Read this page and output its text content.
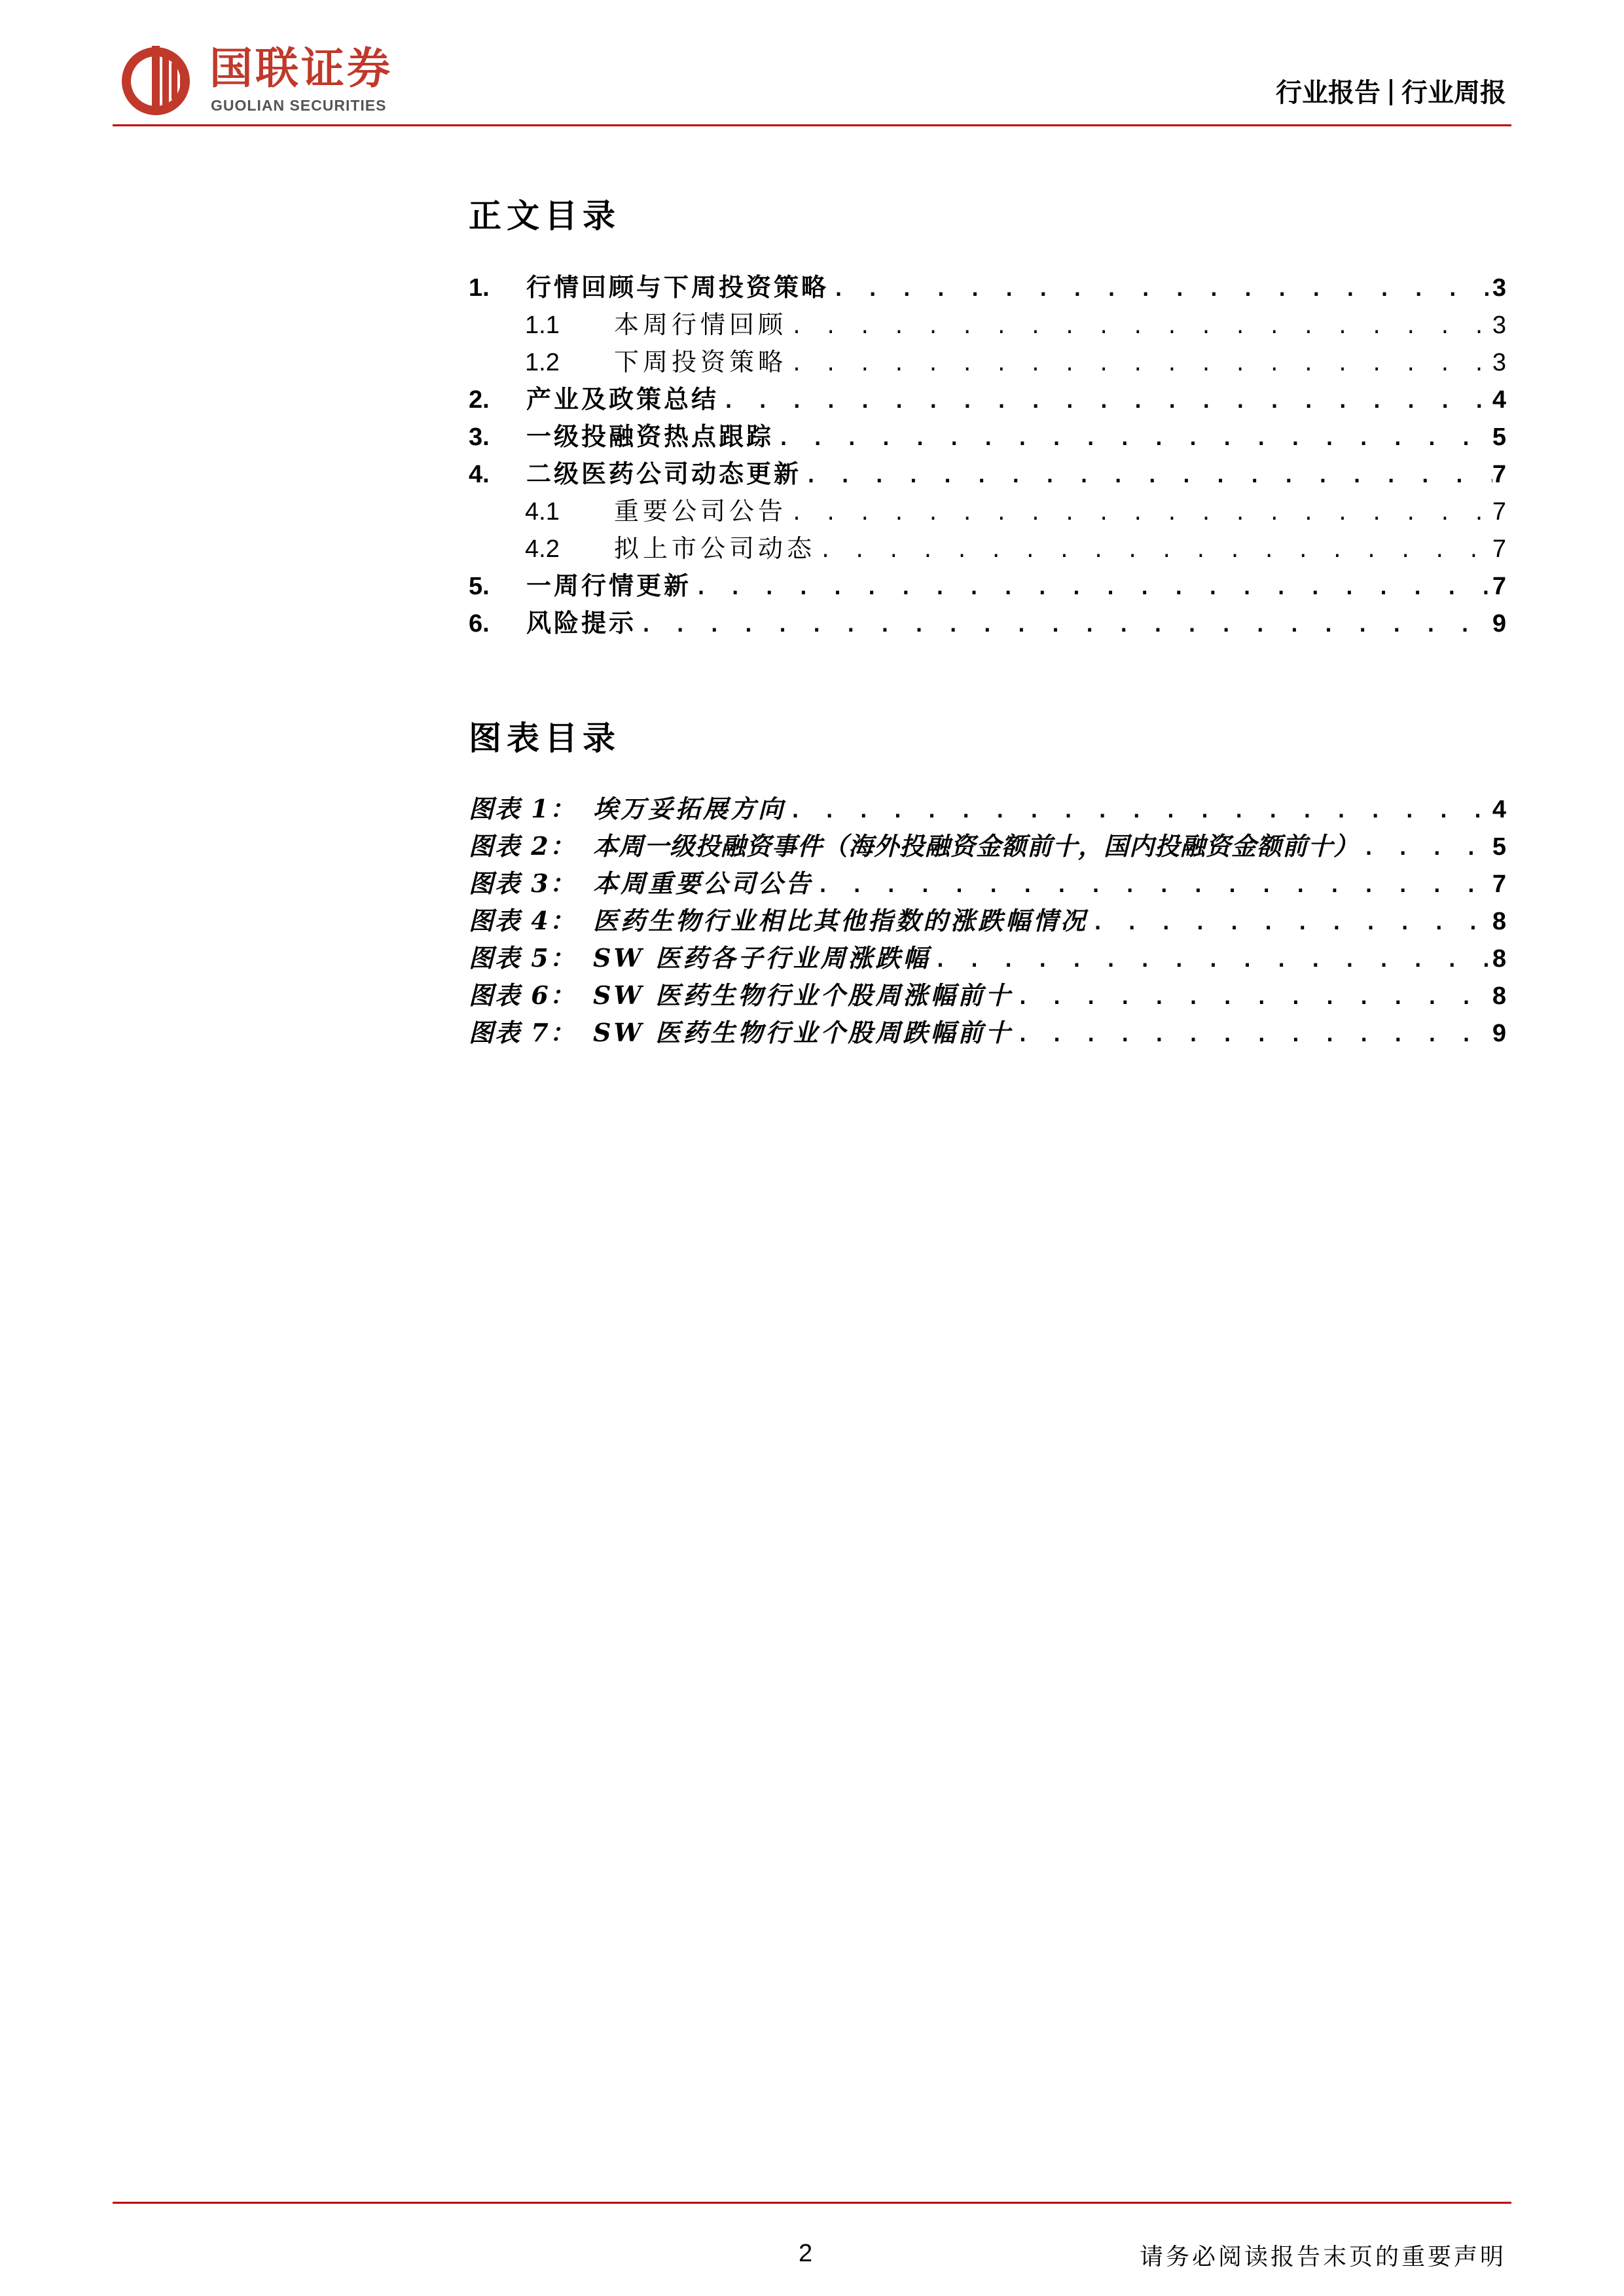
国联证券
GUOLIAN SECURITIES	行业报告 行业周报
正文目录
1.	行情回顾与下周投资策略 . . .	3
1.1	本周行情回顾 . . .	3
1.2	下周投资策略 . . .	3
2.	产业及政策总结 . . .	4
3.	一级投融资热点跟踪 . . .	5
4.	二级医药公司动态更新 . . .	7
4.1	重要公司公告 . . .	7
4.2	拟上市公司动态 . . .	7
5.	一周行情更新 . . .	7
6.	风险提示 . . .	9
图表目录
图表 1： 埃万妥拓展方向 . . .	4
图表 2： 本周一级投融资事件（海外投融资金额前十，国内投融资金额前十） . . .	5
图表 3： 本周重要公司公告 . . .	7
图表 4： 医药生物行业相比其他指数的涨跌幅情况 . . .	8
图表 5： SW 医药各子行业周涨跌幅 . . .	8
图表 6： SW 医药生物行业个股周涨幅前十 . . .	8
图表 7： SW 医药生物行业个股周跌幅前十 . . .	9
2	请务必阅读报告末页的重要声明
